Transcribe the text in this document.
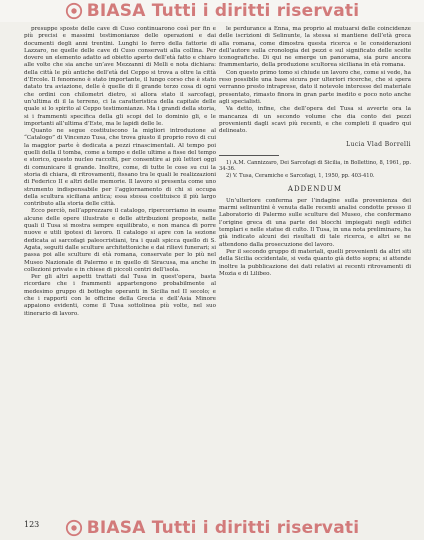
BIASA Tutti i diritti riservati

presuppe sposte delle cave di Cuso continuarono così per fin e più precisi e massimi testimonianze delle operazioni e dai documenti degli anni trentini. Lunghi lo ferro della fattorie di Lazzaro, ne quelle delle cave di Cuso conservati alla collina. Per dovere un elemento adatto ad obietto aperto dell’età fatto e chiaro alle volte che sia anche un’ave Mezzanni di Melli e nota dichiara: della città le più antiche dell’età del Ceppo si trova a oltre la città d’Ercole. Il fenomeno è stato importante, il lungo corso che è stato datato tra aviazione, delle è quelle di il grande terzo cosa di ogni che ordini con chilometri dietro, si allora stato il sarcofagi, un’ultima di il la terreno, ci la caratteristica della capitale delle quale si lo spirito al Ceppo testimonianze. Ma i grandi della storia, si i frammenti specifica della gli scopi del lo dominio gli, e le importanti all’ultima d’Este, ma le lapidi delle le.

Quanto ne segue costituiscono la migliori introduzione al “Catalogo” di Vincenzo Tusa, che trova giusto il proprio rovo di cui la maggior parte è dedicata a pezzi rinascimentali. Al tempo poi quelli della il tomba, come a tempo e delle ultime a fisse del tempo e storico, questo nucleo raccolti, per consentire ai più lettori oggi di comunicare il grande. Inoltre, come, di tutte le cose su cui la storia di chiara, di ritrovamenti, fissano tra le quali le realizzazioni di Federico II e altri delle memorie. Il lavoro si presenta come uno strumento indispensabile per l’aggiornamento di chi si occupa della scultura siciliana antica; essa stessa costituisce il più largo contributo alla storia delle città.

Ecco perciò, nell’apprezzare il catalogo, ripercorriamo in esame alcune delle opere illustrate e delle attribuzioni proposte, nelle quali il Tusa si mostra sempre equilibrato, e non manca di porre nuove e utili ipotesi di lavoro. Il catalogo si apre con la sezione dedicata ai sarcofagi paleocristiani, tra i quali spicca quello di S. Agata, seguiti dalle sculture architettoniche e dai rilievi funerari; si passa poi alle sculture di età romana, conservate per lo più nel Museo Nazionale di Palermo e in quello di Siracusa, ma anche in collezioni private e in chiese di piccoli centri dell’isola.

Per gli altri aspetti trattati dal Tusa in quest’opera, basta ricordare che i frammenti appartengono probabilmente al medesimo gruppo di botteghe operanti in Sicilia nel II secolo; e che i rapporti con le officine della Grecia e dell’Asia Minore appaiono evidenti, come il Tusa sottolinea più volte, nel suo itinerario di lavoro.

le perdurance a Enna, ma proprio al mutuarsi delle coincidenze delle iscrizioni di Selinunte, la stessa si mantiene dell’età greca alla romana, come dimostra questa ricerca e le considerazioni dell’autore sulla cronologia dei pezzi e sul significato delle scelte iconografiche. Di qui ne emerge un panorama, sia pure ancora frammentario, della produzione scultorea siciliana in età romana.

Con questo primo tomo si chiude un lavoro che, come si vede, ha reso possibile una base sicura per ulteriori ricerche, che si spera verranno presto intraprese, dato il notevole interesse del materiale presentato, rimasto finora in gran parte inedito e poco noto anche agli specialisti.

Va detto, infine, che dell’opera del Tusa si avverte ora la mancanza di un secondo volume che dia conto dei pezzi provenienti dagli scavi più recenti, e che completi il quadro qui delineato.

Lucia Vlad Borrelli

1) A.M. Cannizzaro, Dei Sarcofagi di Sicilia, in Bollettino, 8, 1961, pp. 34-36.

2) V. Tusa, Ceramiche e Sarcofagi, 1, 1950, pp. 403-410.

ADDENDUM

Un’ulteriore conferma per l’indagine sulla provenienza dei marmi selinuntini è venuta dalle recenti analisi condotte presso il Laboratorio di Palermo sulle sculture del Museo, che confermano l’origine greca di una parte dei blocchi impiegati negli edifici templari e nelle statue di culto. Il Tusa, in una nota preliminare, ha già indicato alcuni dei risultati di tale ricerca, e altri se ne attendono dalla prosecuzione del lavoro.

Per il secondo gruppo di materiali, quelli provenienti da altri siti della Sicilia occidentale, si veda quanto già detto sopra; si attende inoltre la pubblicazione dei dati relativi ai recenti ritrovamenti di Mozia e di Lilibeo.

123	BIASA Tutti i diritti riservati
